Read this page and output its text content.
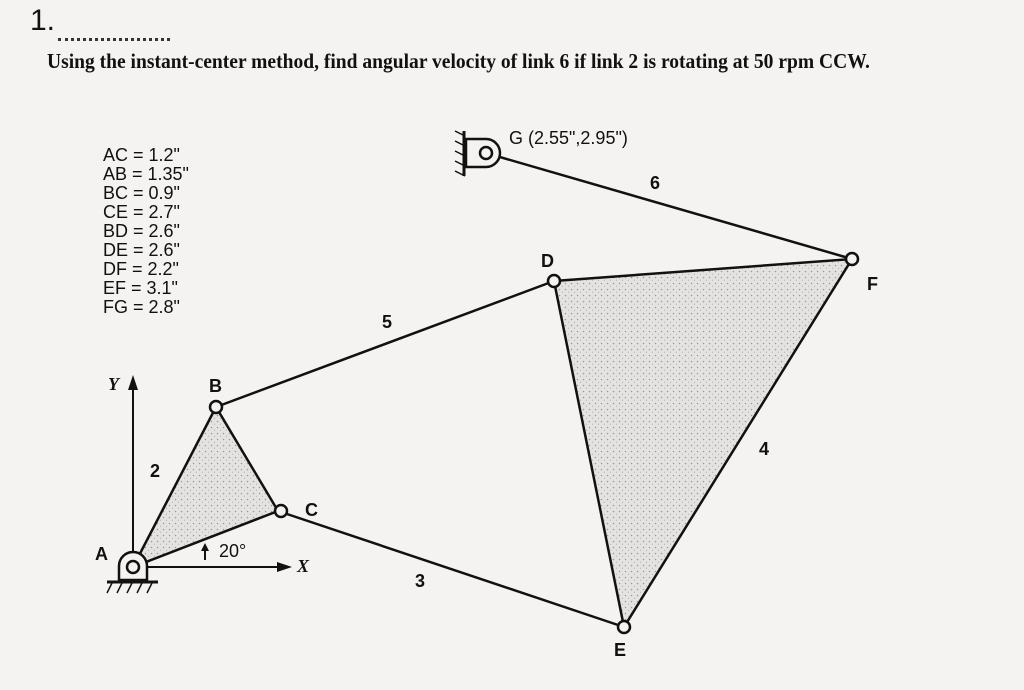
1.
Using the instant-center method, find angular velocity of link 6 if link 2 is rotating at 50 rpm CCW.
AC = 1.2"
AB = 1.35"
BC = 0.9"
CE = 2.7"
BD = 2.6"
DE = 2.6"
DF = 2.2"
EF = 3.1"
FG = 2.8"
A
B
C
D
E
F
G (2.55",2.95")
2
3
4
5
6
Y
X
20°
